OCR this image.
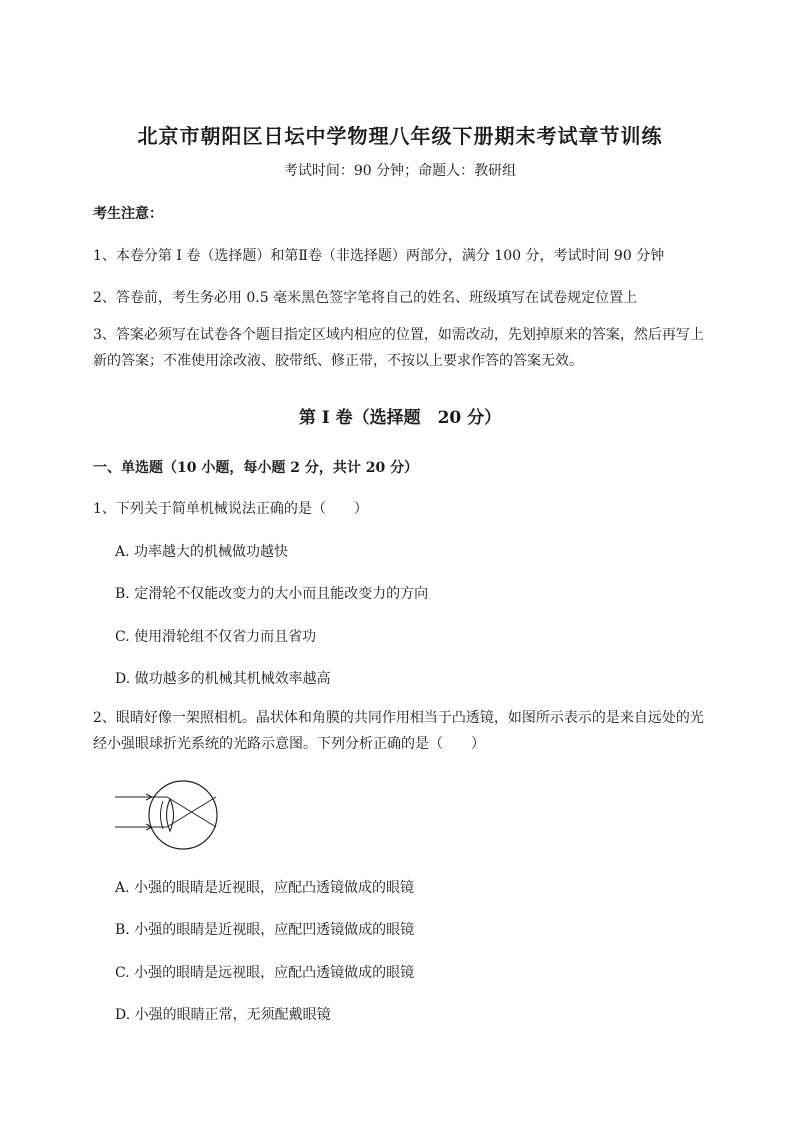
北京市朝阳区日坛中学物理八年级下册期末考试章节训练
考试时间：90 分钟；命题人：教研组
考生注意：
1、本卷分第 I 卷（选择题）和第Ⅱ卷（非选择题）两部分，满分 100 分，考试时间 90 分钟
2、答卷前，考生务必用 0.5 毫米黑色签字笔将自己的姓名、班级填写在试卷规定位置上
3、答案必须写在试卷各个题目指定区域内相应的位置，如需改动，先划掉原来的答案，然后再写上新的答案；不准使用涂改液、胶带纸、修正带，不按以上要求作答的答案无效。
第 I 卷（选择题　20 分）
一、单选题（10 小题，每小题 2 分，共计 20 分）
1、下列关于简单机械说法正确的是（　　）
A. 功率越大的机械做功越快
B. 定滑轮不仅能改变力的大小而且能改变力的方向
C. 使用滑轮组不仅省力而且省功
D. 做功越多的机械其机械效率越高
2、眼睛好像一架照相机。晶状体和角膜的共同作用相当于凸透镜，如图所示表示的是来自远处的光经小强眼球折光系统的光路示意图。下列分析正确的是（　　）
A. 小强的眼睛是近视眼，应配凸透镜做成的眼镜
B. 小强的眼睛是近视眼，应配凹透镜做成的眼镜
C. 小强的眼睛是远视眼，应配凸透镜做成的眼镜
D. 小强的眼睛正常，无须配戴眼镜
